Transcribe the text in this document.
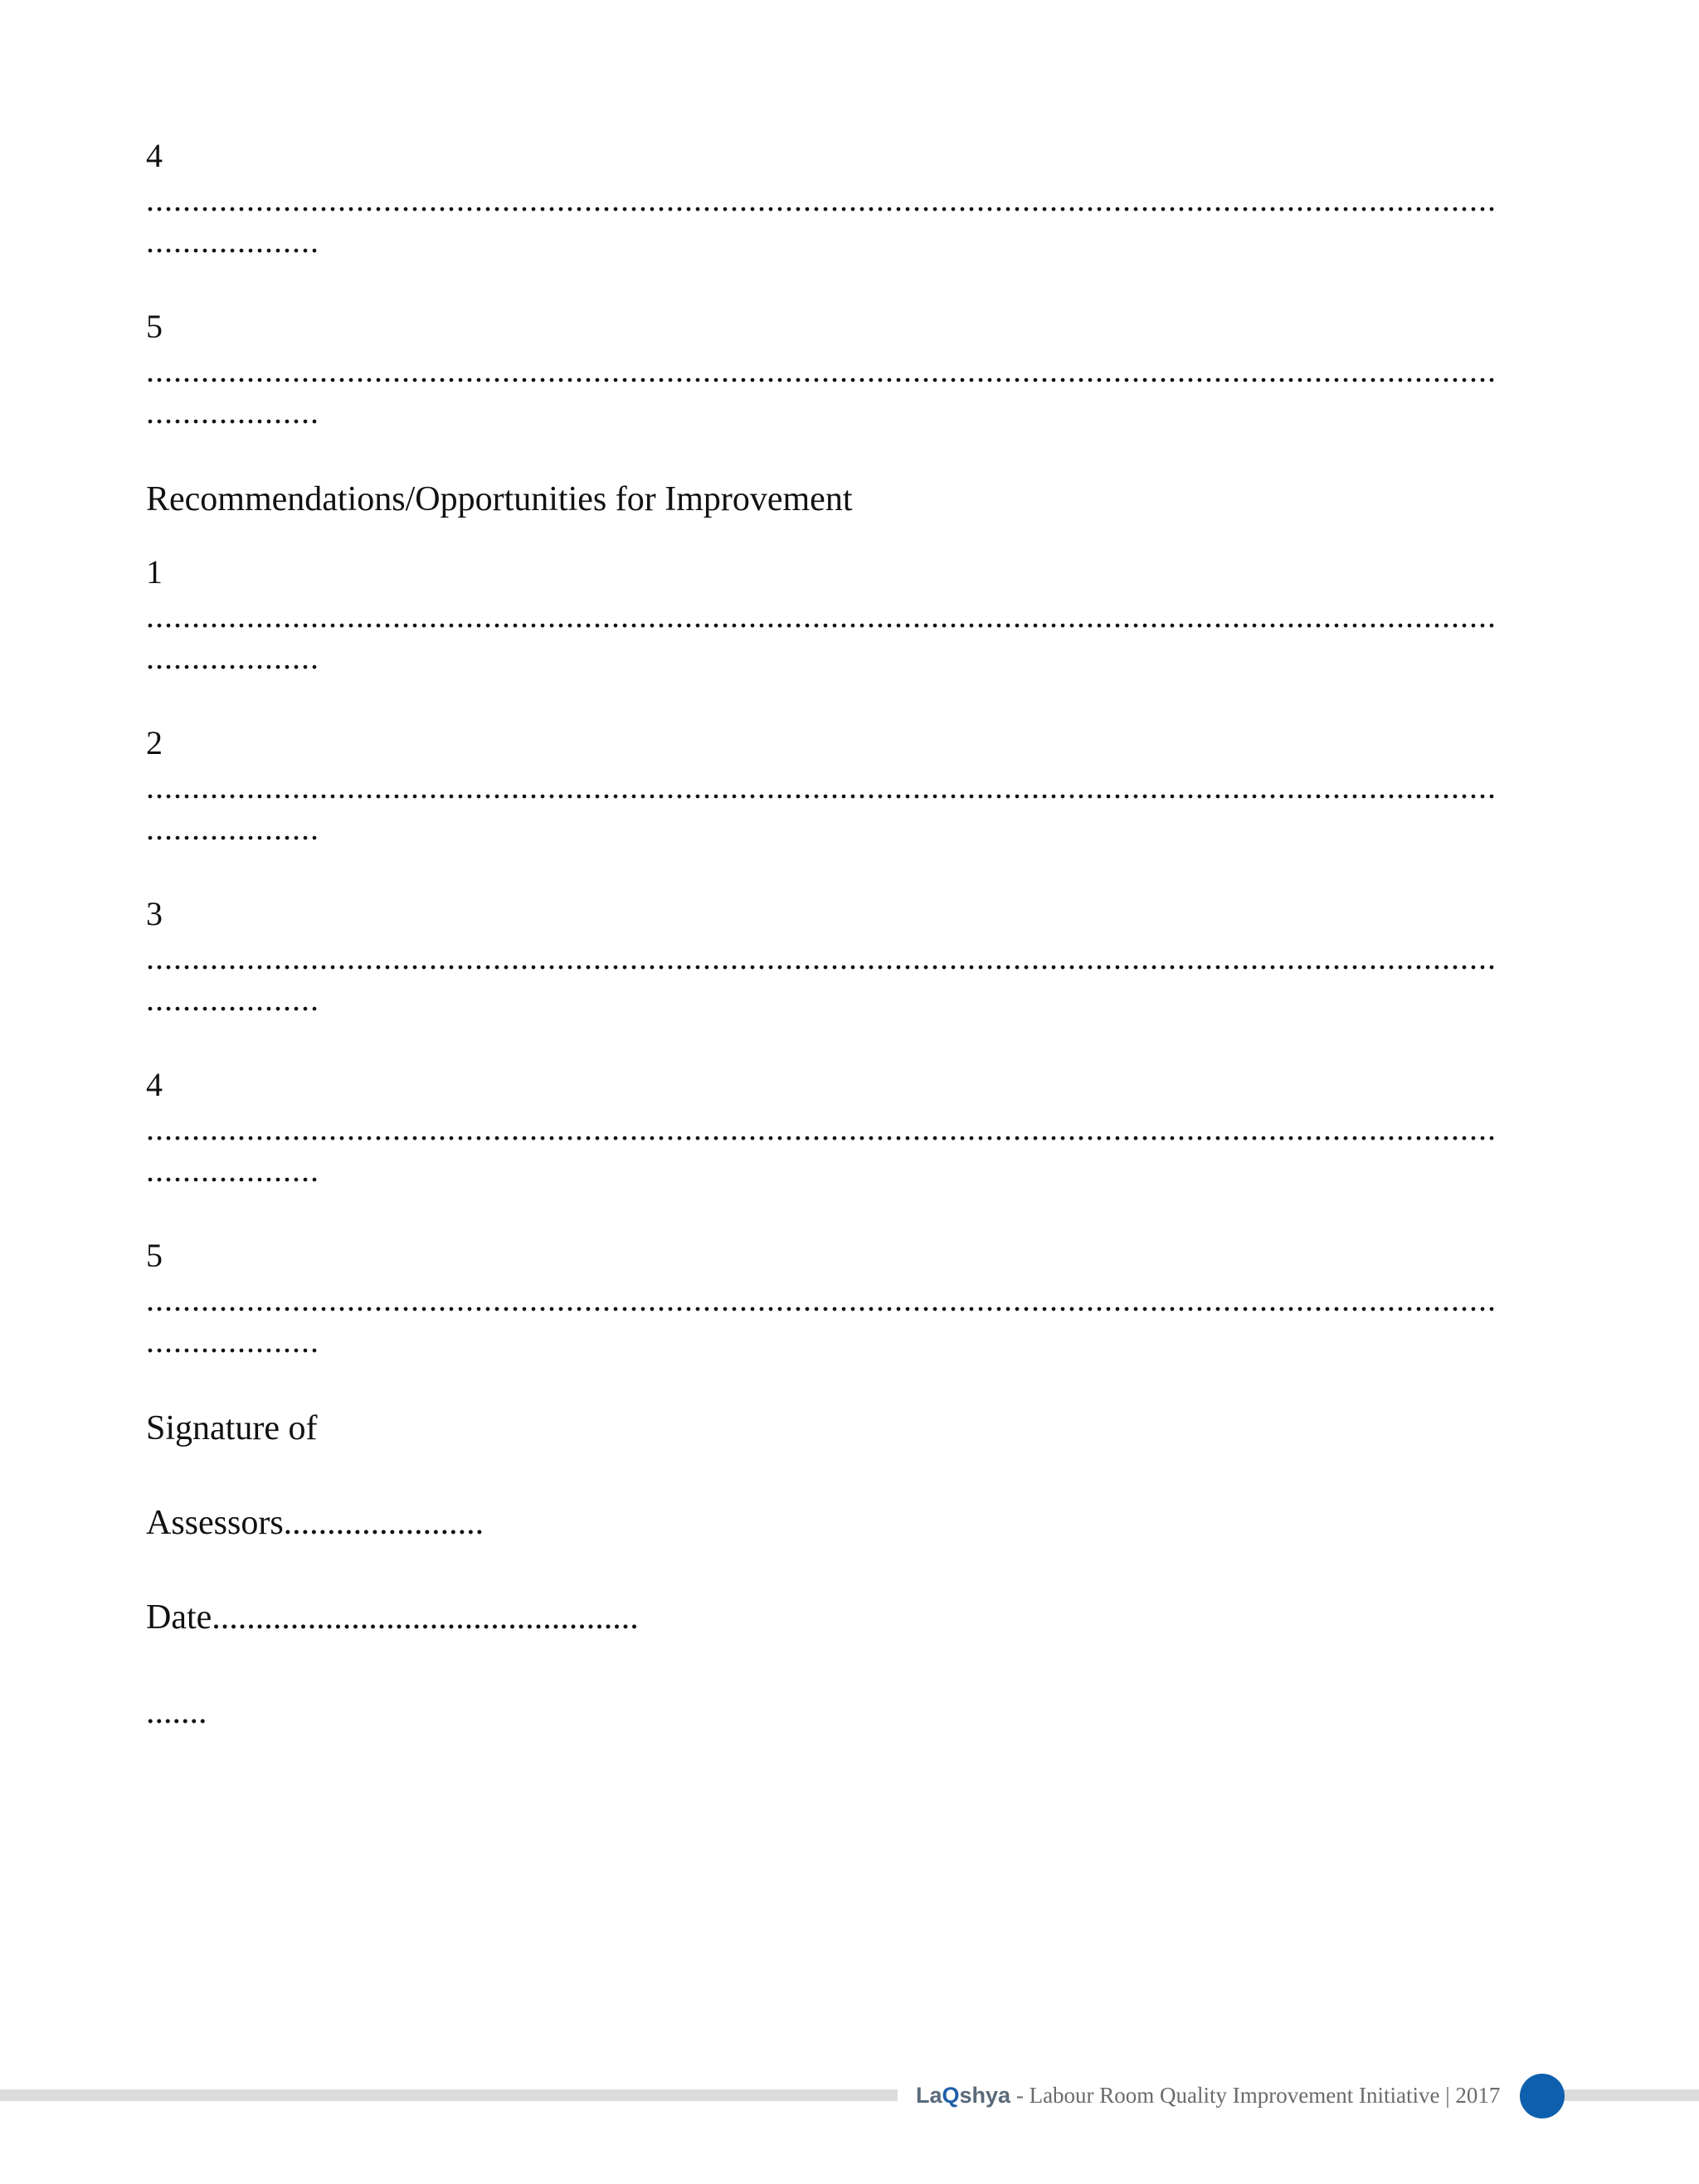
4
....................................................................................................................................................
...................
5
....................................................................................................................................................
...................
Recommendations/Opportunities for Improvement
1
....................................................................................................................................................
...................
2
....................................................................................................................................................
...................
3
....................................................................................................................................................
...................
4
....................................................................................................................................................
...................
5
....................................................................................................................................................
...................
Signature of
Assessors.......................
Date.................................................
.......
LaQshya - Labour Room Quality Improvement Initiative | 2017
